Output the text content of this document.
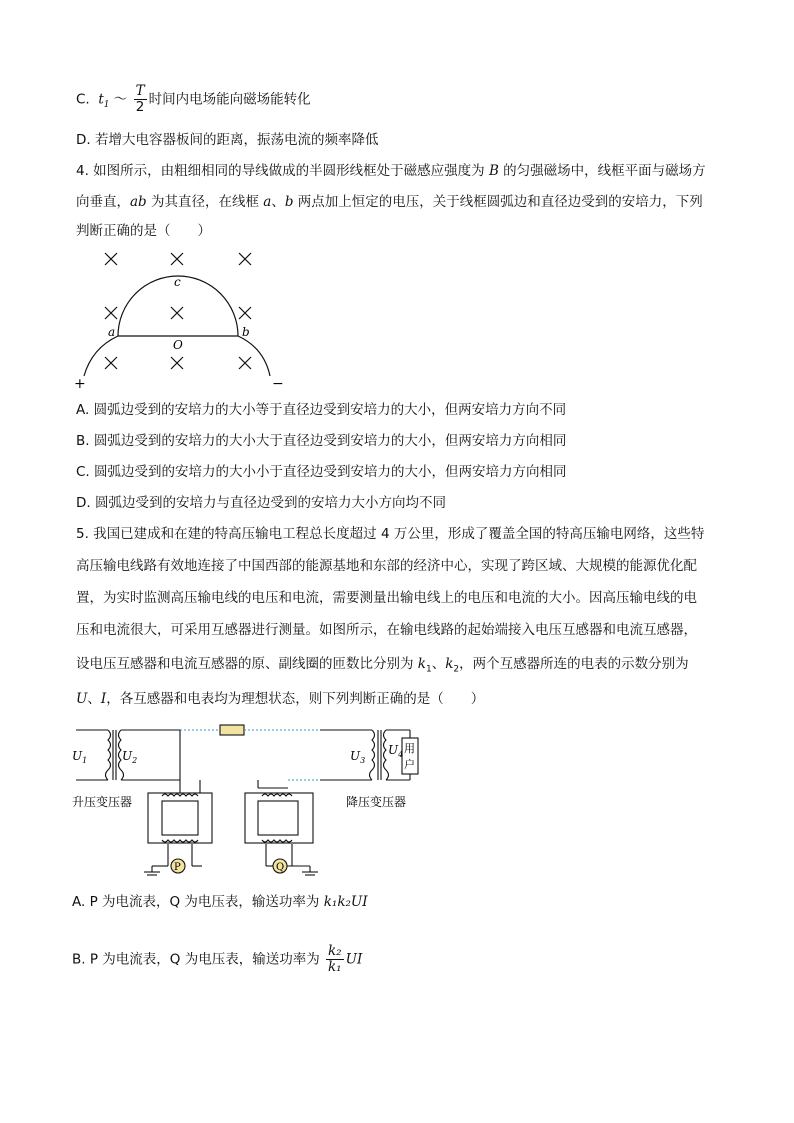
C. $t_1$ ～ $\frac{T}{2}$ 时间内电场能向磁场能转化
D. 若增大电容器板间的距离，振荡电流的频率降低
4. 如图所示，由粗细相同的导线做成的半圆形线框处于磁感应强度为 B 的匀强磁场中，线框平面与磁场方
向垂直，ab 为其直径，在线框 a、b 两点加上恒定的电压，关于线框圆弧边和直径边受到的安培力，下列
判断正确的是（　　）
c
a	b
O
+	−
A. 圆弧边受到的安培力的大小等于直径边受到安培力的大小，但两安培力方向不同
B. 圆弧边受到的安培力的大小大于直径边受到安培力的大小，但两安培力方向相同
C. 圆弧边受到的安培力的大小小于直径边受到安培力的大小，但两安培力方向相同
D. 圆弧边受到的安培力与直径边受到的安培力大小方向均不同
5. 我国已建成和在建的特高压输电工程总长度超过 4 万公里，形成了覆盖全国的特高压输电网络，这些特
高压输电线路有效地连接了中国西部的能源基地和东部的经济中心，实现了跨区域、大规模的能源优化配
置，为实时监测高压输电线的电压和电流，需要测量出输电线上的电压和电流的大小。因高压输电线的电
压和电流很大，可采用互感器进行测量。如图所示，在输电线路的起始端接入电压互感器和电流互感器，
设电压互感器和电流互感器的原、副线圈的匝数比分别为 $k_1$、$k_2$，两个互感器所连的电表的示数分别为
U、I，各互感器和电表均为理想状态，则下列判断正确的是（　　）
$U_1$	$U_2$	$U_3$
$U_4$ 用
户
升压变压器	降压变压器
P	Q
A. P 为电流表，Q 为电压表，输送功率为 k₁k₂UI
B. P 为电流表，Q 为电压表，输送功率为 $\frac{\text{k₂}}{\text{k₁}}$ UI
